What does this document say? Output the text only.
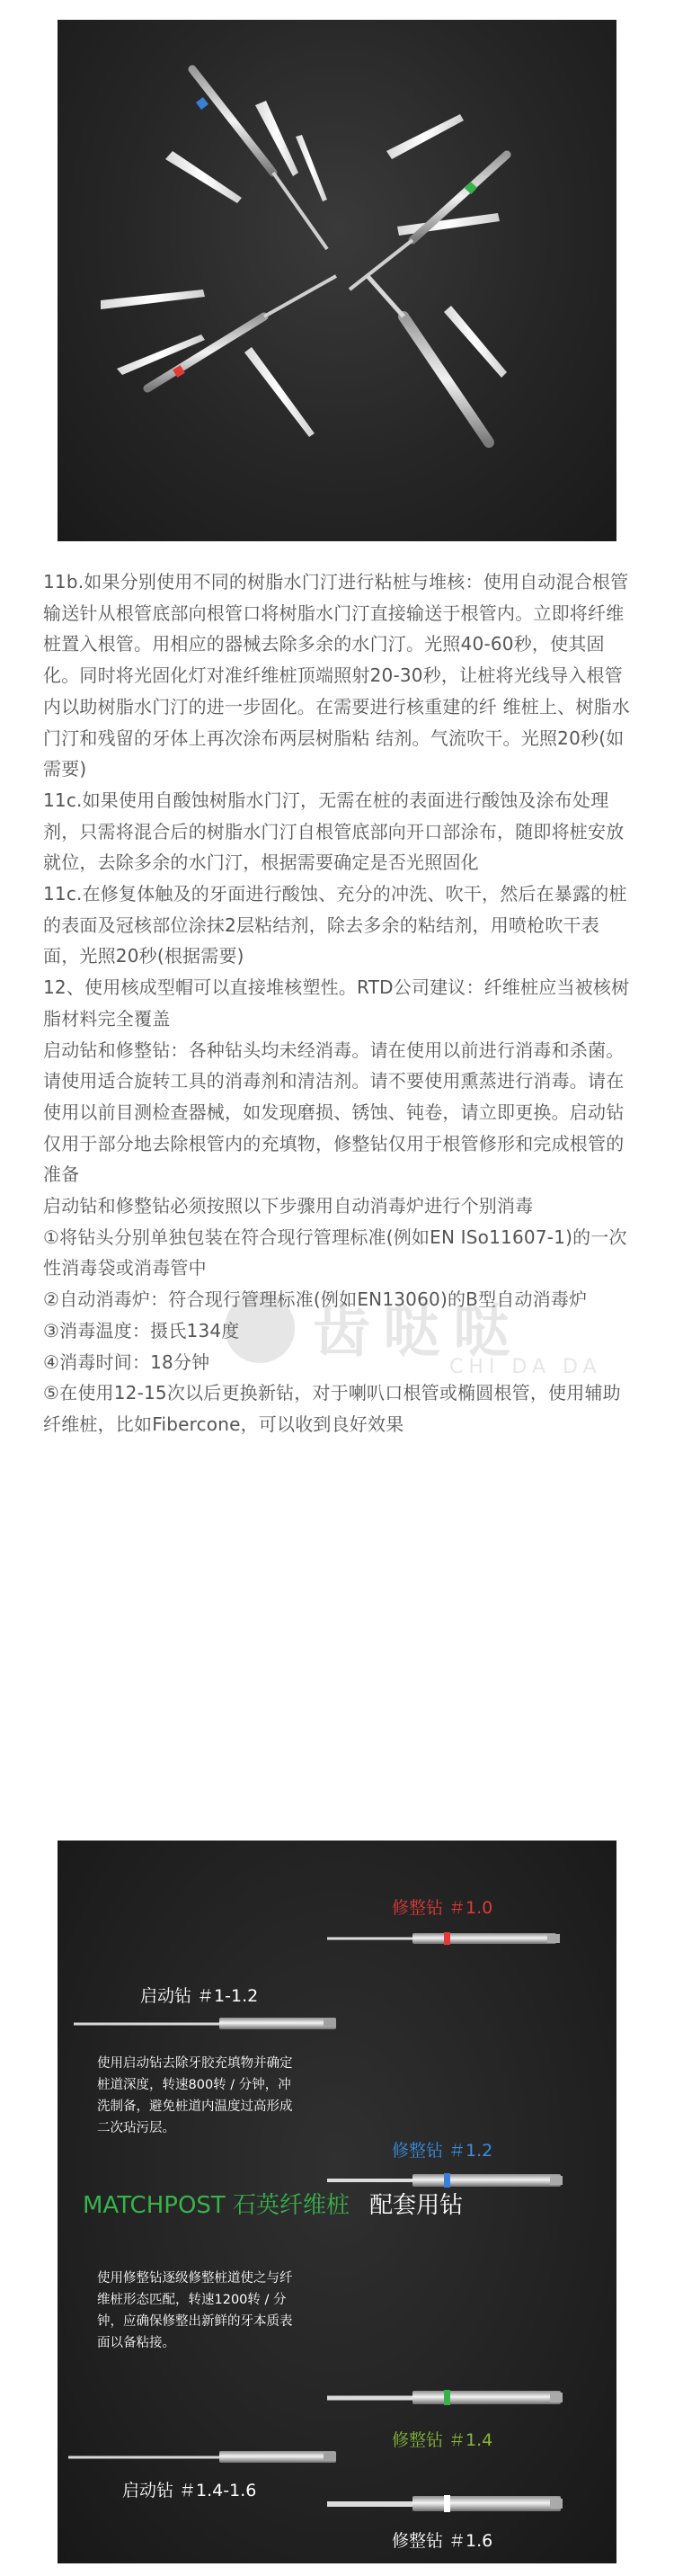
11b.如果分别使用不同的树脂水门汀进行粘桩与堆核：使用自动混合根管输送针从根管底部向根管口将树脂水门汀直接输送于根管内。立即将纤维桩置入根管。用相应的器械去除多余的水门汀。光照40-60秒，使其固化。同时将光固化灯对准纤维桩顶端照射20-30秒，让桩将光线导入根管　内以助树脂水门汀的进一步固化。在需要进行核重建的纤 维桩上、树脂水门汀和残留的牙体上再次涂布两层树脂粘 结剂。气流吹干。光照20秒(如需要)

11c.如果使用自酸蚀树脂水门汀，无需在桩的表面进行酸蚀及涂布处理剂，只需将混合后的树脂水门汀自根管底部向开口部涂布，随即将桩安放就位，去除多余的水门汀，根据需要确定是否光照固化

11c.在修复体触及的牙面进行酸蚀、充分的冲洗、吹干，然后在暴露的桩的表面及冠核部位涂抹2层粘结剂，除去多余的粘结剂，用喷枪吹干表面，光照20秒(根据需要)

12、使用核成型帽可以直接堆核塑性。RTD公司建议：纤维桩应当被核树脂材料完全覆盖

启动钻和修整钻：各种钻头均未经消毒。请在使用以前进行消毒和杀菌。请使用适合旋转工具的消毒剂和清洁剂。请不要使用熏蒸进行消毒。请在使用以前目测检查器械，如发现磨损、锈蚀、钝卷，请立即更换。启动钻仅用于部分地去除根管内的充填物，修整钻仅用于根管修形和完成根管的准备

启动钻和修整钻必须按照以下步骤用自动消毒炉进行个别消毒

①将钻头分别单独包装在符合现行管理标准(例如EN ISo11607-1)的一次性消毒袋或消毒管中

②自动消毒炉：符合现行管理标准(例如EN13060)的B型自动消毒炉

③消毒温度：摄氏134度

④消毒时间：18分钟

⑤在使用12-15次以后更换新钻，对于喇叭口根管或椭圆根管，使用辅助纤维桩，比如Fibercone，可以收到良好效果

齿哒哒
CHI DA DA
修整钻 ＃1.0
启动钻 ＃1-1.2
使用启动钻去除牙胶充填物并确定桩道深度，转速800转 / 分钟，冲洗制备，避免桩道内温度过高形成二次玷污层。
修整钻 ＃1.2
MATCHPOST 石英纤维桩 配套用钻
使用修整钻逐级修整桩道使之与纤维桩形态匹配，转速1200转 / 分钟，应确保修整出新鲜的牙本质表面以备粘接。
修整钻 ＃1.4
启动钻 ＃1.4-1.6
修整钻 ＃1.6
